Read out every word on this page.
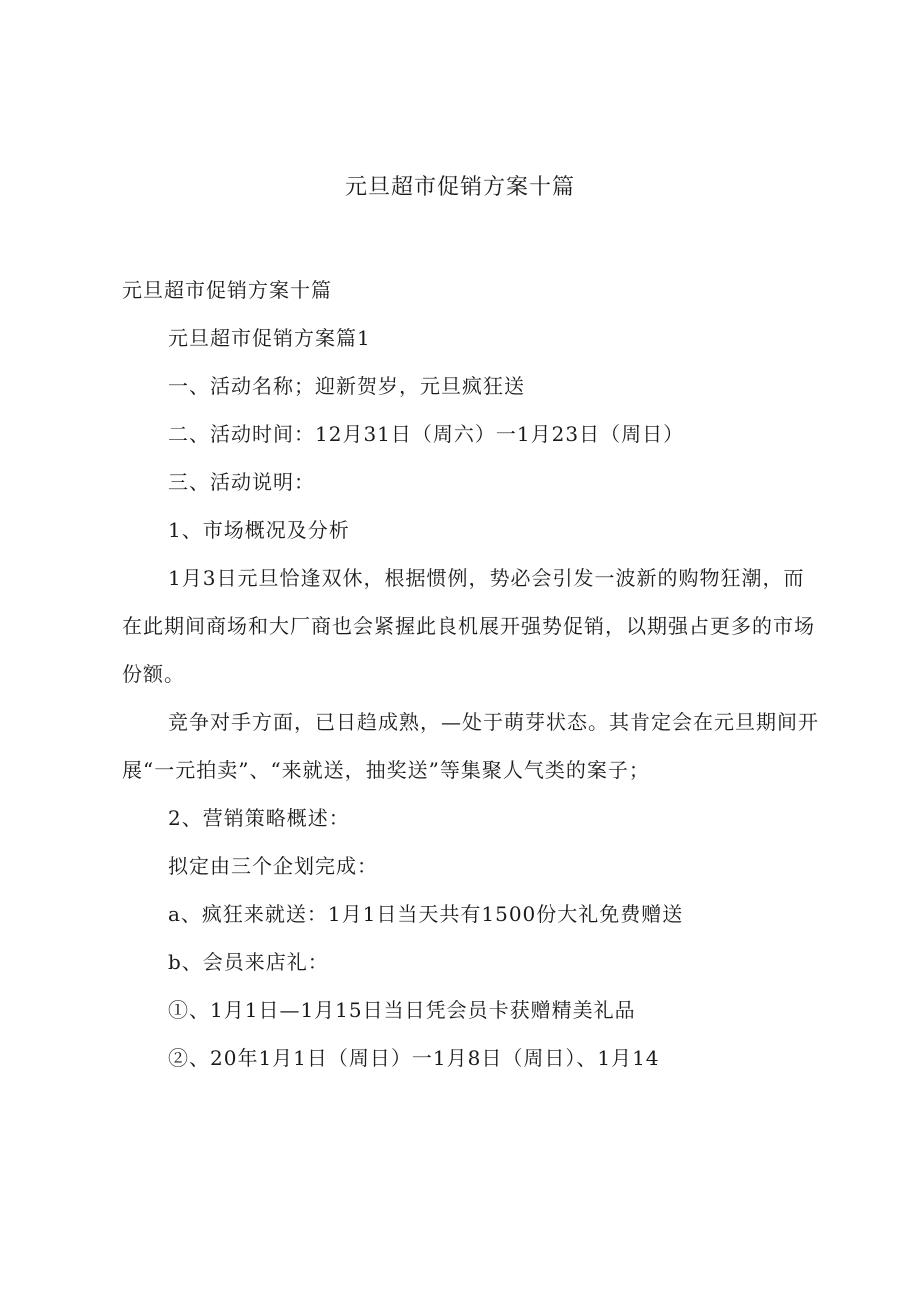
元旦超市促销方案十篇

元旦超市促销方案十篇

元旦超市促销方案篇1

一、活动名称；迎新贺岁，元旦疯狂送

二、活动时间：12月31日（周六）一1月23日（周日）

三、活动说明：

1、市场概况及分析

1月3日元旦恰逢双休，根据惯例，势必会引发一波新的购物狂潮，而在此期间商场和大厂商也会紧握此良机展开强势促销，以期强占更多的市场份额。

竞争对手方面，已日趋成熟，—处于萌芽状态。其肯定会在元旦期间开展“一元拍卖”、“来就送，抽奖送”等集聚人气类的案子；

2、营销策略概述：

拟定由三个企划完成：

a、疯狂来就送：1月1日当天共有1500份大礼免费赠送

b、会员来店礼：

①、1月1日—1月15日当日凭会员卡获赠精美礼品

②、20年1月1日（周日）一1月8日（周日）、1月14
